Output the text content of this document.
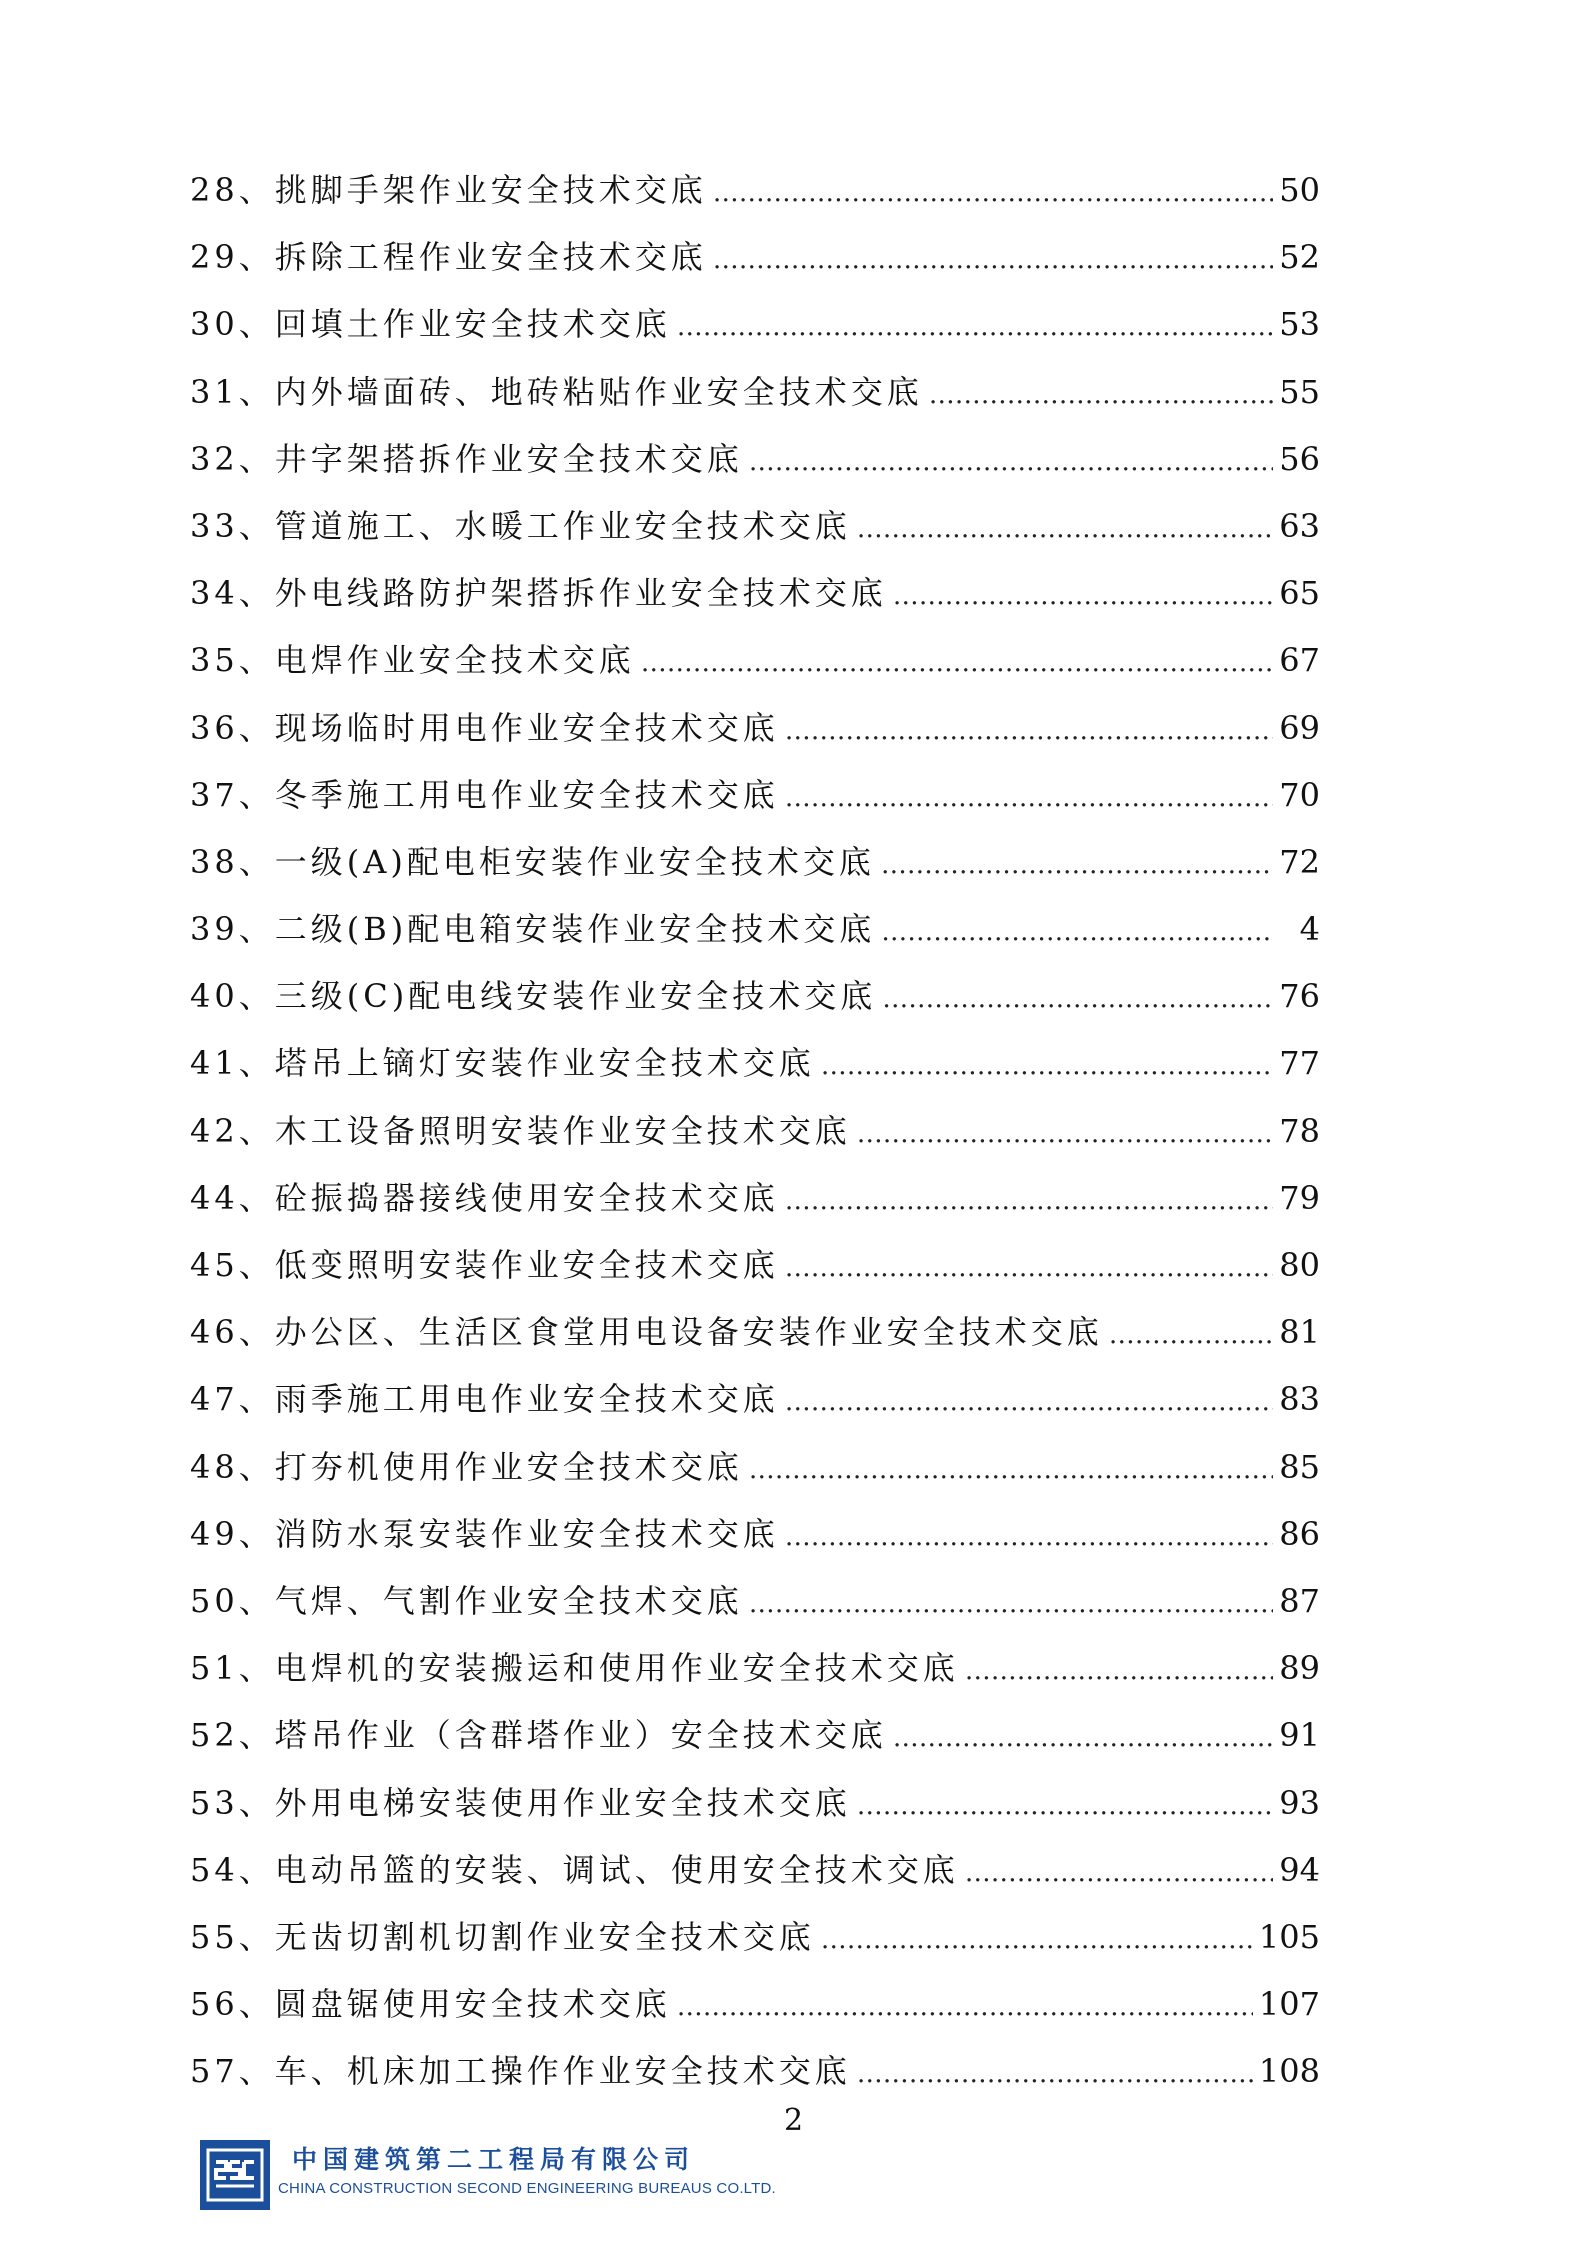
28 、 挑脚手架作业安全技术交底 …………………………………………………………………………………………………………………………………………	50
29 、 拆除工程作业安全技术交底 …………………………………………………………………………………………………………………………………………	52
30 、 回填土作业安全技术交底 …………………………………………………………………………………………………………………………………………	53
31 、 内外墙面砖、地砖粘贴作业安全技术交底 …………………………………………………………………………………………………………………………………………	55
32 、 井字架搭拆作业安全技术交底 …………………………………………………………………………………………………………………………………………	56
33 、 管道施工、水暖工作业安全技术交底 …………………………………………………………………………………………………………………………………………	63
34 、 外电线路防护架搭拆作业安全技术交底 …………………………………………………………………………………………………………………………………………	65
35 、 电焊作业安全技术交底 …………………………………………………………………………………………………………………………………………	67
36 、 现场临时用电作业安全技术交底 …………………………………………………………………………………………………………………………………………	69
37 、 冬季施工用电作业安全技术交底 …………………………………………………………………………………………………………………………………………	70
38 、 一级(A)配电柜安装作业安全技术交底 …………………………………………………………………………………………………………………………………………	72
39 、 二级(B)配电箱安装作业安全技术交底 …………………………………………………………………………………………………………………………………………	4
40 、 三级(C)配电线安装作业安全技术交底 …………………………………………………………………………………………………………………………………………	76
41 、 塔吊上镝灯安装作业安全技术交底 …………………………………………………………………………………………………………………………………………	77
42 、 木工设备照明安装作业安全技术交底 …………………………………………………………………………………………………………………………………………	78
44 、 砼振捣器接线使用安全技术交底 …………………………………………………………………………………………………………………………………………	79
45 、 低变照明安装作业安全技术交底 …………………………………………………………………………………………………………………………………………	80
46 、 办公区、生活区食堂用电设备安装作业安全技术交底 …………………………………………………………………………………………………………………………………………	81
47 、 雨季施工用电作业安全技术交底 …………………………………………………………………………………………………………………………………………	83
48 、 打夯机使用作业安全技术交底 …………………………………………………………………………………………………………………………………………	85
49 、 消防水泵安装作业安全技术交底 …………………………………………………………………………………………………………………………………………	86
50 、 气焊、气割作业安全技术交底 …………………………………………………………………………………………………………………………………………	87
51 、 电焊机的安装搬运和使用作业安全技术交底 …………………………………………………………………………………………………………………………………………	89
52 、 塔吊作业（含群塔作业）安全技术交底 …………………………………………………………………………………………………………………………………………	91
53 、 外用电梯安装使用作业安全技术交底 …………………………………………………………………………………………………………………………………………	93
54 、 电动吊篮的安装、调试、使用安全技术交底 …………………………………………………………………………………………………………………………………………	94
55 、 无齿切割机切割作业安全技术交底 …………………………………………………………………………………………………………………………………………	105
56 、 圆盘锯使用安全技术交底 …………………………………………………………………………………………………………………………………………	107
57 、 车、机床加工操作作业安全技术交底 …………………………………………………………………………………………………………………………………………	108
2
中国建筑第二工程局有限公司
CHINA CONSTRUCTION SECOND ENGINEERING BUREAUS CO.LTD.
